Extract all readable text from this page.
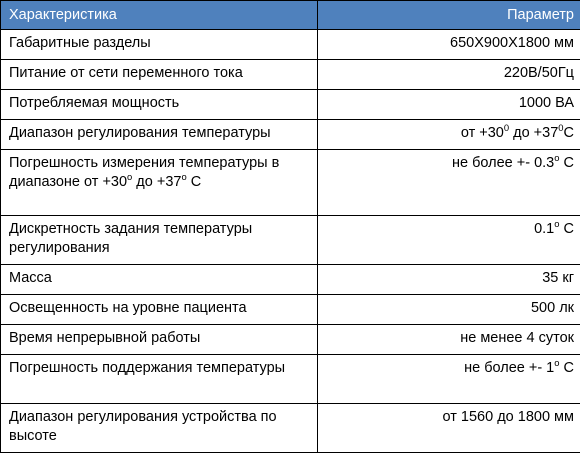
Характеристика	Параметр
Габаритные разделы	650Х900Х1800 мм
Питание от сети переменного тока	220В/50Гц
Потребляемая мощность	1000 ВА
Диапазон регулирования температуры	от $+30^0$ до $+37^0С$
Погрешность измерения температуры в диапазоне от $+30^о$ до $+37^о$ С	не более +- $0.3^о$ С
Дискретность задания температуры регулирования	$0.1^о$ С
Масса	35 кг
Освещенность на уровне пациента	500 лк
Время непрерывной работы	не менее 4 суток
Погрешность поддержания температуры	не более +- $1^о$ С
Диапазон регулирования устройства по высоте	от 1560 до 1800 мм
